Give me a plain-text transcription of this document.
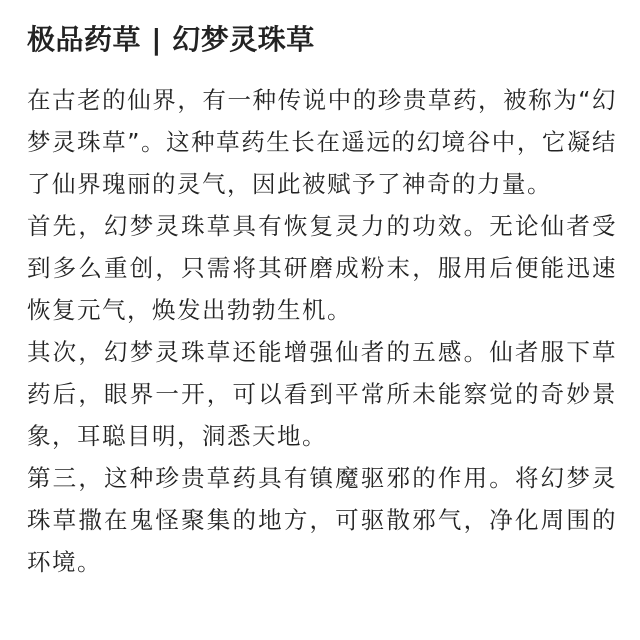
极品药草 | 幻梦灵珠草

在古老的仙界，有一种传说中的珍贵草药，被称为“幻梦灵珠草”。这种草药生长在遥远的幻境谷中，它凝结了仙界瑰丽的灵气，因此被赋予了神奇的力量。

首先，幻梦灵珠草具有恢复灵力的功效。无论仙者受到多么重创，只需将其研磨成粉末，服用后便能迅速恢复元气，焕发出勃勃生机。

其次，幻梦灵珠草还能增强仙者的五感。仙者服下草药后，眼界一开，可以看到平常所未能察觉的奇妙景象，耳聪目明，洞悉天地。

第三，这种珍贵草药具有镇魔驱邪的作用。将幻梦灵珠草撒在鬼怪聚集的地方，可驱散邪气，净化周围的环境。
